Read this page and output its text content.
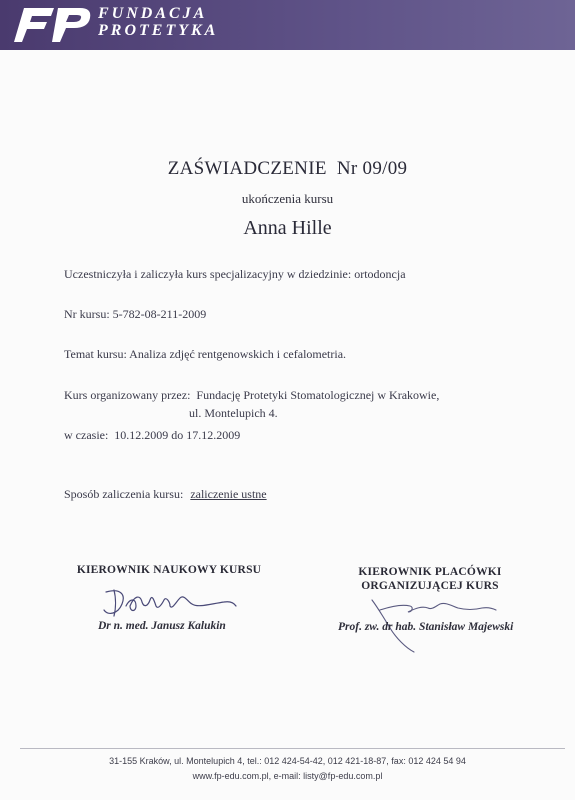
FUNDACJA
PROTETYKA
ZAŚWIADCZENIE  Nr 09/09
ukończenia kursu
Anna Hille
Uczestniczyła i zaliczyła kurs specjalizacyjny w dziedzinie: ortodoncja
Nr kursu: 5-782-08-211-2009
Temat kursu: Analiza zdjęć rentgenowskich i cefalometria.
Kurs organizowany przez:  Fundację Protetyki Stomatologicznej w Krakowie,
ul. Montelupich 4.
w czasie:  10.12.2009 do 17.12.2009
Sposób zaliczenia kursu: zaliczenie ustne
KIEROWNIK NAUKOWY KURSU
Dr n. med. Janusz Kalukin
KIEROWNIK PLACÓWKI
ORGANIZUJĄCEJ KURS
Prof. zw. dr hab. Stanisław Majewski
31-155 Kraków, ul. Montelupich 4, tel.: 012 424-54-42, 012 421-18-87, fax: 012 424 54 94
www.fp-edu.com.pl, e-mail: listy@fp-edu.com.pl
